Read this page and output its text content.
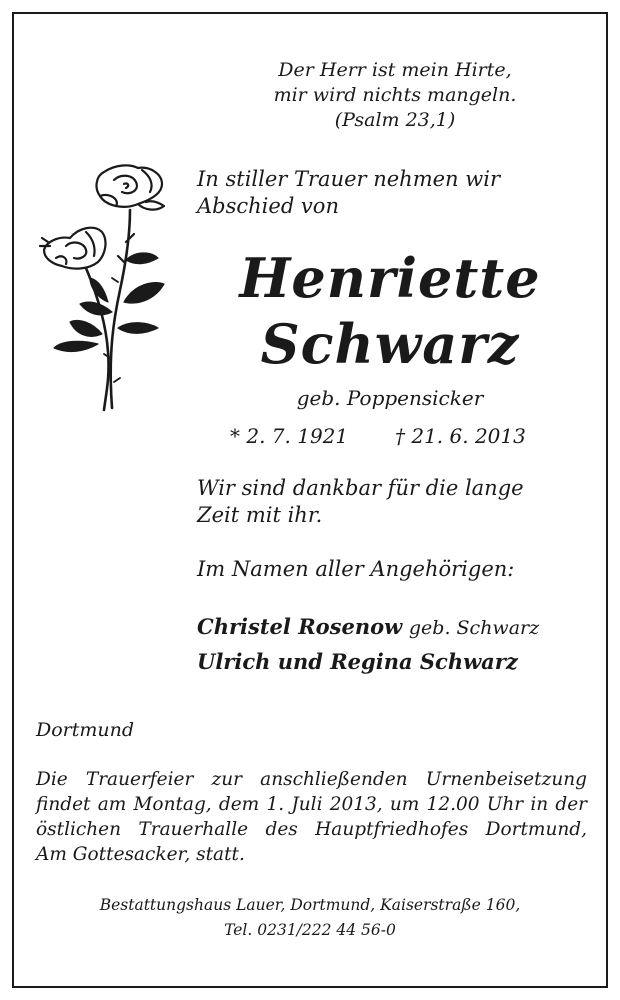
Der Herr ist mein Hirte,
mir wird nichts mangeln.
(Psalm 23,1)
In stiller Trauer nehmen wir
Abschied von
Henriette
Schwarz
geb. Poppensicker
* 2. 7. 1921 † 21. 6. 2013
Wir sind dankbar für die lange
Zeit mit ihr.
Im Namen aller Angehörigen:
Christel Rosenow geb. Schwarz
Ulrich und Regina Schwarz
Dortmund
Die Trauerfeier zur anschließenden Urnenbeisetzung
findet am Montag, dem 1. Juli 2013, um 12.00 Uhr in der
östlichen Trauerhalle des Hauptfriedhofes Dortmund,
Am Gottesacker, statt.
Bestattungshaus Lauer, Dortmund, Kaiserstraße 160,
Tel. 0231/222 44 56-0
